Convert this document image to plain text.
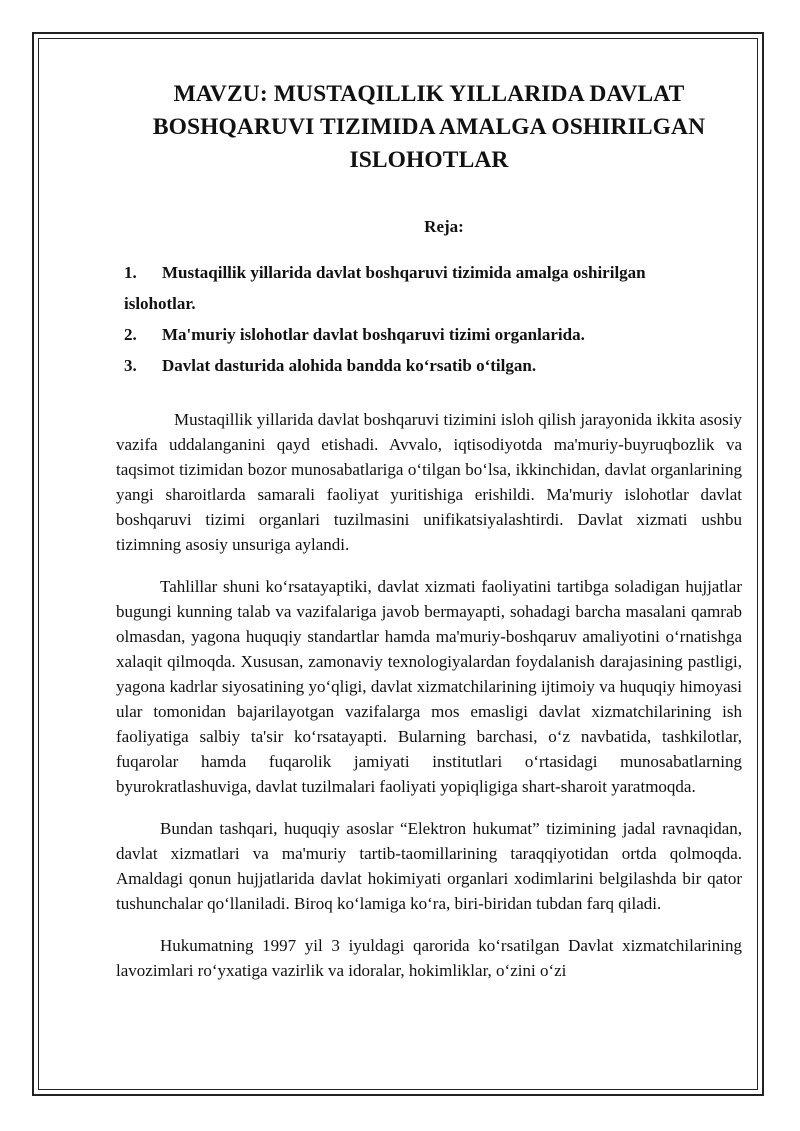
MAVZU: MUSTAQILLIK YILLARIDA DAVLAT BOSHQARUVI TIZIMIDA AMALGA OSHIRILGAN ISLOHOTLAR
Reja:
1. Mustaqillik yillarida davlat boshqaruvi tizimida amalga oshirilgan
islohotlar.
2. Ma'muriy islohotlar davlat boshqaruvi tizimi organlarida.
3. Davlat dasturida alohida bandda koʻrsatib oʻtilgan.

Mustaqillik yillarida davlat boshqaruvi tizimini isloh qilish jarayonida ikkita asosiy vazifa uddalanganini qayd etishadi. Avvalo, iqtisodiyotda ma'muriy-buyruqbozlik va taqsimot tizimidan bozor munosabatlariga oʻtilgan boʻlsa, ikkinchidan, davlat organlarining yangi sharoitlarda samarali faoliyat yuritishiga erishildi. Ma'muriy islohotlar davlat boshqaruvi tizimi organlari tuzilmasini unifikatsiyalashtirdi. Davlat xizmati ushbu tizimning asosiy unsuriga aylandi.

Tahlillar shuni koʻrsatayaptiki, davlat xizmati faoliyatini tartibga soladigan hujjatlar bugungi kunning talab va vazifalariga javob bermayapti, sohadagi barcha masalani qamrab olmasdan, yagona huquqiy standartlar hamda ma'muriy-boshqaruv amaliyotini oʻrnatishga xalaqit qilmoqda. Xususan, zamonaviy texnologiyalardan foydalanish darajasining pastligi, yagona kadrlar siyosatining yoʻqligi, davlat xizmatchilarining ijtimoiy va huquqiy himoyasi ular tomonidan bajarilayotgan vazifalarga mos emasligi davlat xizmatchilarining ish faoliyatiga salbiy ta'sir koʻrsatayapti. Bularning barchasi, oʻz navbatida, tashkilotlar, fuqarolar hamda fuqarolik jamiyati institutlari oʻrtasidagi munosabatlarning byurokratlashuviga, davlat tuzilmalari faoliyati yopiqligiga shart-sharoit yaratmoqda.

Bundan tashqari, huquqiy asoslar “Elektron hukumat” tizimining jadal ravnaqidan, davlat xizmatlari va ma'muriy tartib-taomillarining taraqqiyotidan ortda qolmoqda. Amaldagi qonun hujjatlarida davlat hokimiyati organlari xodimlarini belgilashda bir qator tushunchalar qoʻllaniladi. Biroq koʻlamiga koʻra, biri-biridan tubdan farq qiladi.

Hukumatning 1997 yil 3 iyuldagi qarorida koʻrsatilgan Davlat xizmatchilarining lavozimlari roʻyxatiga vazirlik va idoralar, hokimliklar, oʻzini oʻzi
